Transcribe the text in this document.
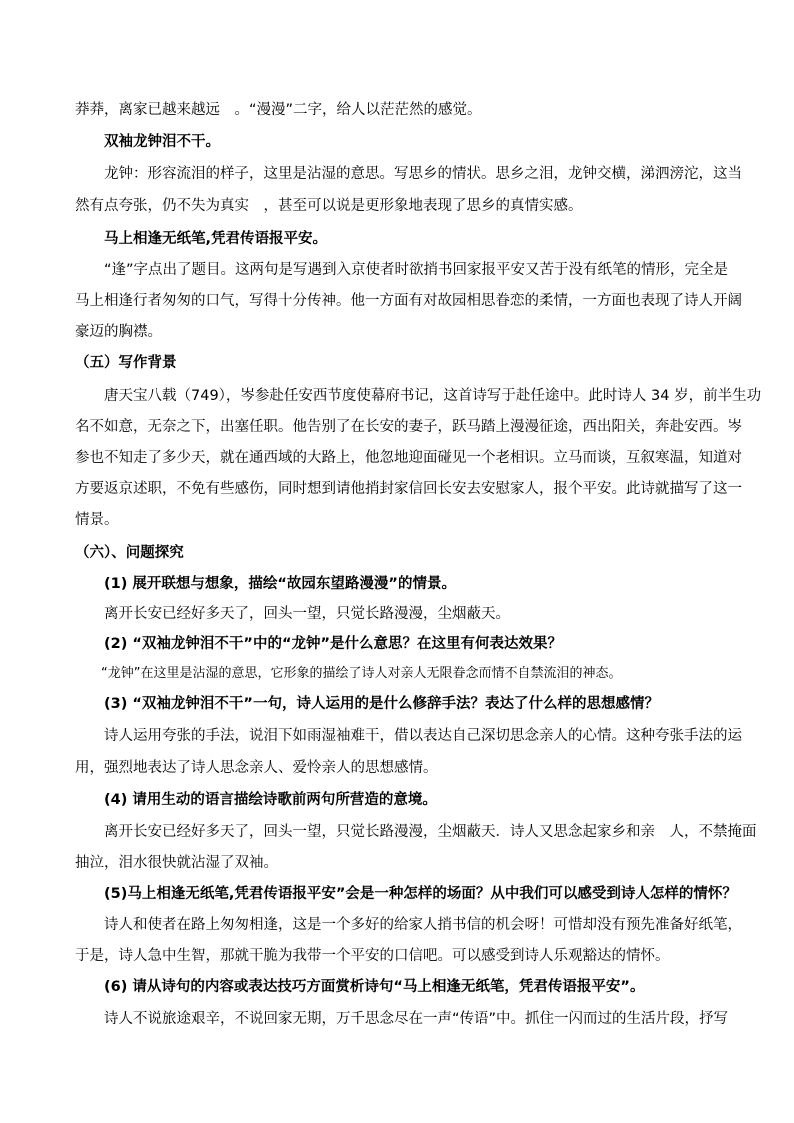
莽莽，离家已越来越远　。“漫漫”二字，给人以茫茫然的感觉。

　　双袖龙钟泪不干。

　　龙钟：形容流泪的样子，这里是沾湿的意思。写思乡的情状。思乡之泪，龙钟交横，涕泗滂沱，这当

然有点夸张，仍不失为真实　，甚至可以说是更形象地表现了思乡的真情实感。

　　马上相逢无纸笔,凭君传语报平安。

　　“逢”字点出了题目。这两句是写遇到入京使者时欲捎书回家报平安又苦于没有纸笔的情形，完全是

马上相逢行者匆匆的口气，写得十分传神。他一方面有对故园相思眷恋的柔情，一方面也表现了诗人开阔

豪迈的胸襟。

（五）写作背景

　　唐天宝八载（749），岑参赴任安西节度使幕府书记，这首诗写于赴任途中。此时诗人 34 岁，前半生功

名不如意，无奈之下，出塞任职。他告别了在长安的妻子，跃马踏上漫漫征途，西出阳关，奔赴安西。岑

参也不知走了多少天，就在通西域的大路上，他忽地迎面碰见一个老相识。立马而谈，互叙寒温，知道对

方要返京述职，不免有些感伤，同时想到请他捎封家信回长安去安慰家人，报个平安。此诗就描写了这一

情景。

（六）、问题探究

　　(1) 展开联想与想象，描绘“故园东望路漫漫”的情景。

　　离开长安已经好多天了，回头一望，只觉长路漫漫，尘烟蔽天。

　　(2) “双袖龙钟泪不干”中的“龙钟”是什么意思？在这里有何表达效果？

　　“龙钟”在这里是沾湿的意思，它形象的描绘了诗人对亲人无限眷念而情不自禁流泪的神态。

　　(3) “双袖龙钟泪不干”一句，诗人运用的是什么修辞手法？表达了什么样的思想感情？

　　诗人运用夸张的手法，说泪下如雨湿袖难干，借以表达自己深切思念亲人的心情。这种夸张手法的运

用，强烈地表达了诗人思念亲人、爱怜亲人的思想感情。

　　(4) 请用生动的语言描绘诗歌前两句所营造的意境。

　　离开长安已经好多天了，回头一望，只觉长路漫漫，尘烟蔽天．诗人又思念起家乡和亲　人，不禁掩面

抽泣，泪水很快就沾湿了双袖。

　　(5)马上相逢无纸笔,凭君传语报平安”会是一种怎样的场面？从中我们可以感受到诗人怎样的情怀？

　　诗人和使者在路上匆匆相逢，这是一个多好的给家人捎书信的机会呀！可惜却没有预先准备好纸笔，

于是，诗人急中生智，那就干脆为我带一个平安的口信吧。可以感受到诗人乐观豁达的情怀。

　　(6) 请从诗句的内容或表达技巧方面赏析诗句“马上相逢无纸笔，凭君传语报平安”。

　　诗人不说旅途艰辛，不说回家无期，万千思念尽在一声“传语”中。抓住一闪而过的生活片段，抒写
